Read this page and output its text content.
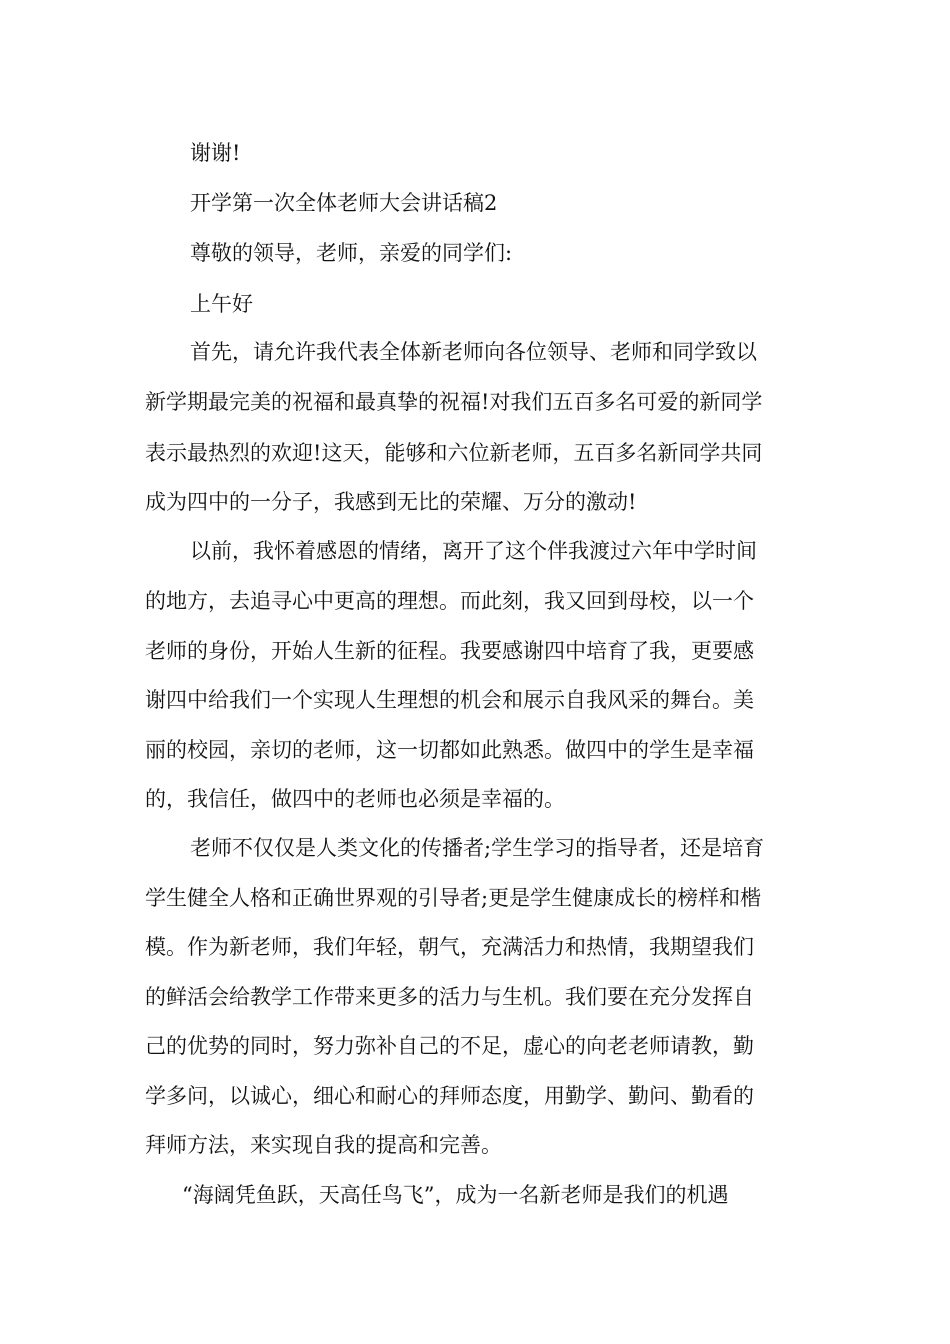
谢谢!
开学第一次全体老师大会讲话稿2
尊敬的领导，老师，亲爱的同学们:
上午好
首先，请允许我代表全体新老师向各位领导、老师和同学致以
新学期最完美的祝福和最真挚的祝福!对我们五百多名可爱的新同学
表示最热烈的欢迎!这天，能够和六位新老师，五百多名新同学共同
成为四中的一分子，我感到无比的荣耀、万分的激动!
以前，我怀着感恩的情绪，离开了这个伴我渡过六年中学时间
的地方，去追寻心中更高的理想。而此刻，我又回到母校，以一个
老师的身份，开始人生新的征程。我要感谢四中培育了我，更要感
谢四中给我们一个实现人生理想的机会和展示自我风采的舞台。美
丽的校园，亲切的老师，这一切都如此熟悉。做四中的学生是幸福
的，我信任，做四中的老师也必须是幸福的。
老师不仅仅是人类文化的传播者;学生学习的指导者，还是培育
学生健全人格和正确世界观的引导者;更是学生健康成长的榜样和楷
模。作为新老师，我们年轻，朝气，充满活力和热情，我期望我们
的鲜活会给教学工作带来更多的活力与生机。我们要在充分发挥自
己的优势的同时，努力弥补自己的不足，虚心的向老老师请教，勤
学多问，以诚心，细心和耐心的拜师态度，用勤学、勤问、勤看的
拜师方法，来实现自我的提高和完善。
“海阔凭鱼跃，天高任鸟飞”，成为一名新老师是我们的机遇
